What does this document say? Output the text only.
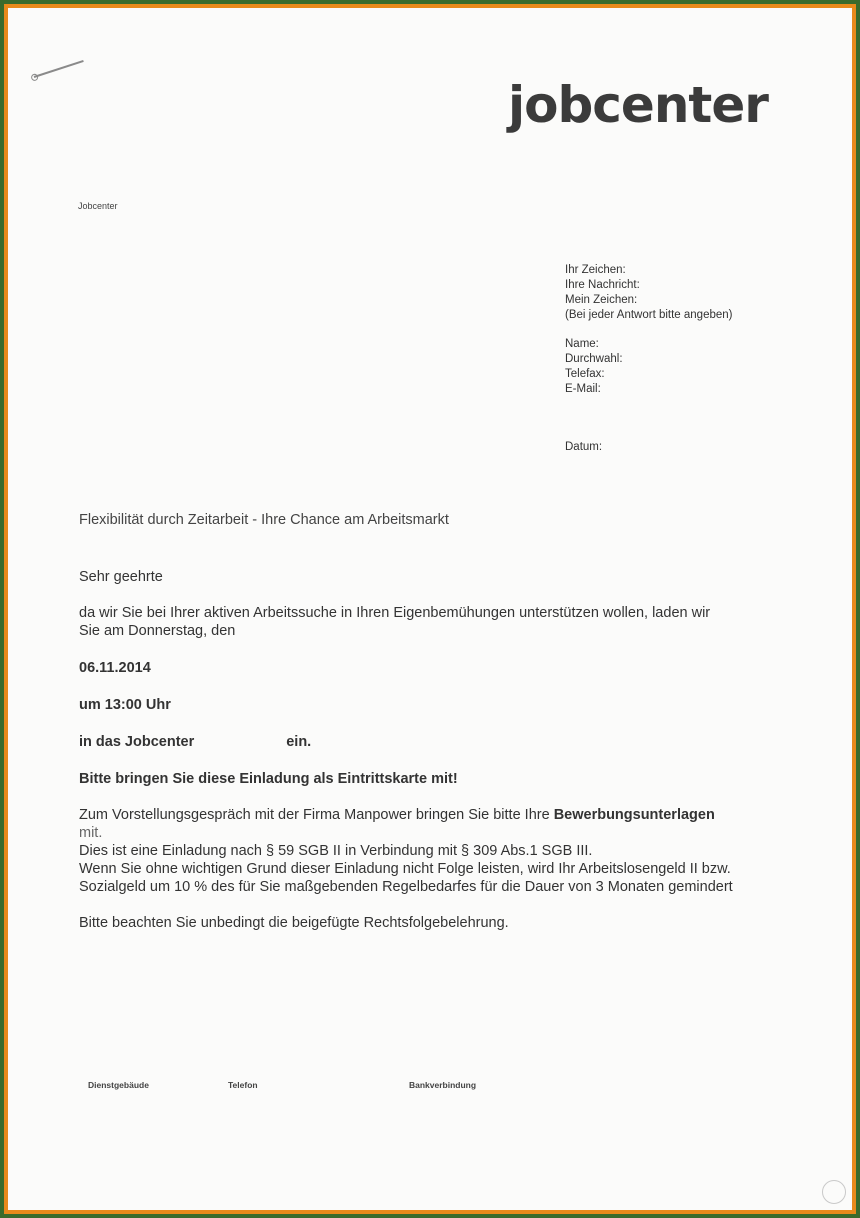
jobcenter
Jobcenter
Ihr Zeichen:
Ihre Nachricht:
Mein Zeichen:
(Bei jeder Antwort bitte angeben)
Name:
Durchwahl:
Telefax:
E-Mail:
Datum:
Flexibilität durch Zeitarbeit - Ihre Chance am Arbeitsmarkt

Sehr geehrte

da wir Sie bei Ihrer aktiven Arbeitssuche in Ihren Eigenbemühungen unterstützen wollen, laden wir

Sie am Donnerstag, den

06.11.2014

um 13:00 Uhr

in das Jobcenter	ein.

Bitte bringen Sie diese Einladung als Eintrittskarte mit!

Zum Vorstellungsgespräch mit der Firma Manpower bringen Sie bitte Ihre Bewerbungsunterlagen

mit.

Dies ist eine Einladung nach § 59 SGB II in Verbindung mit § 309 Abs.1 SGB III.

Wenn Sie ohne wichtigen Grund dieser Einladung nicht Folge leisten, wird Ihr Arbeitslosengeld II bzw.

Sozialgeld um 10 % des für Sie maßgebenden Regelbedarfes für die Dauer von 3 Monaten gemindert

Bitte beachten Sie unbedingt die beigefügte Rechtsfolgebelehrung.

Dienstgebäude	Telefon	Bankverbindung
